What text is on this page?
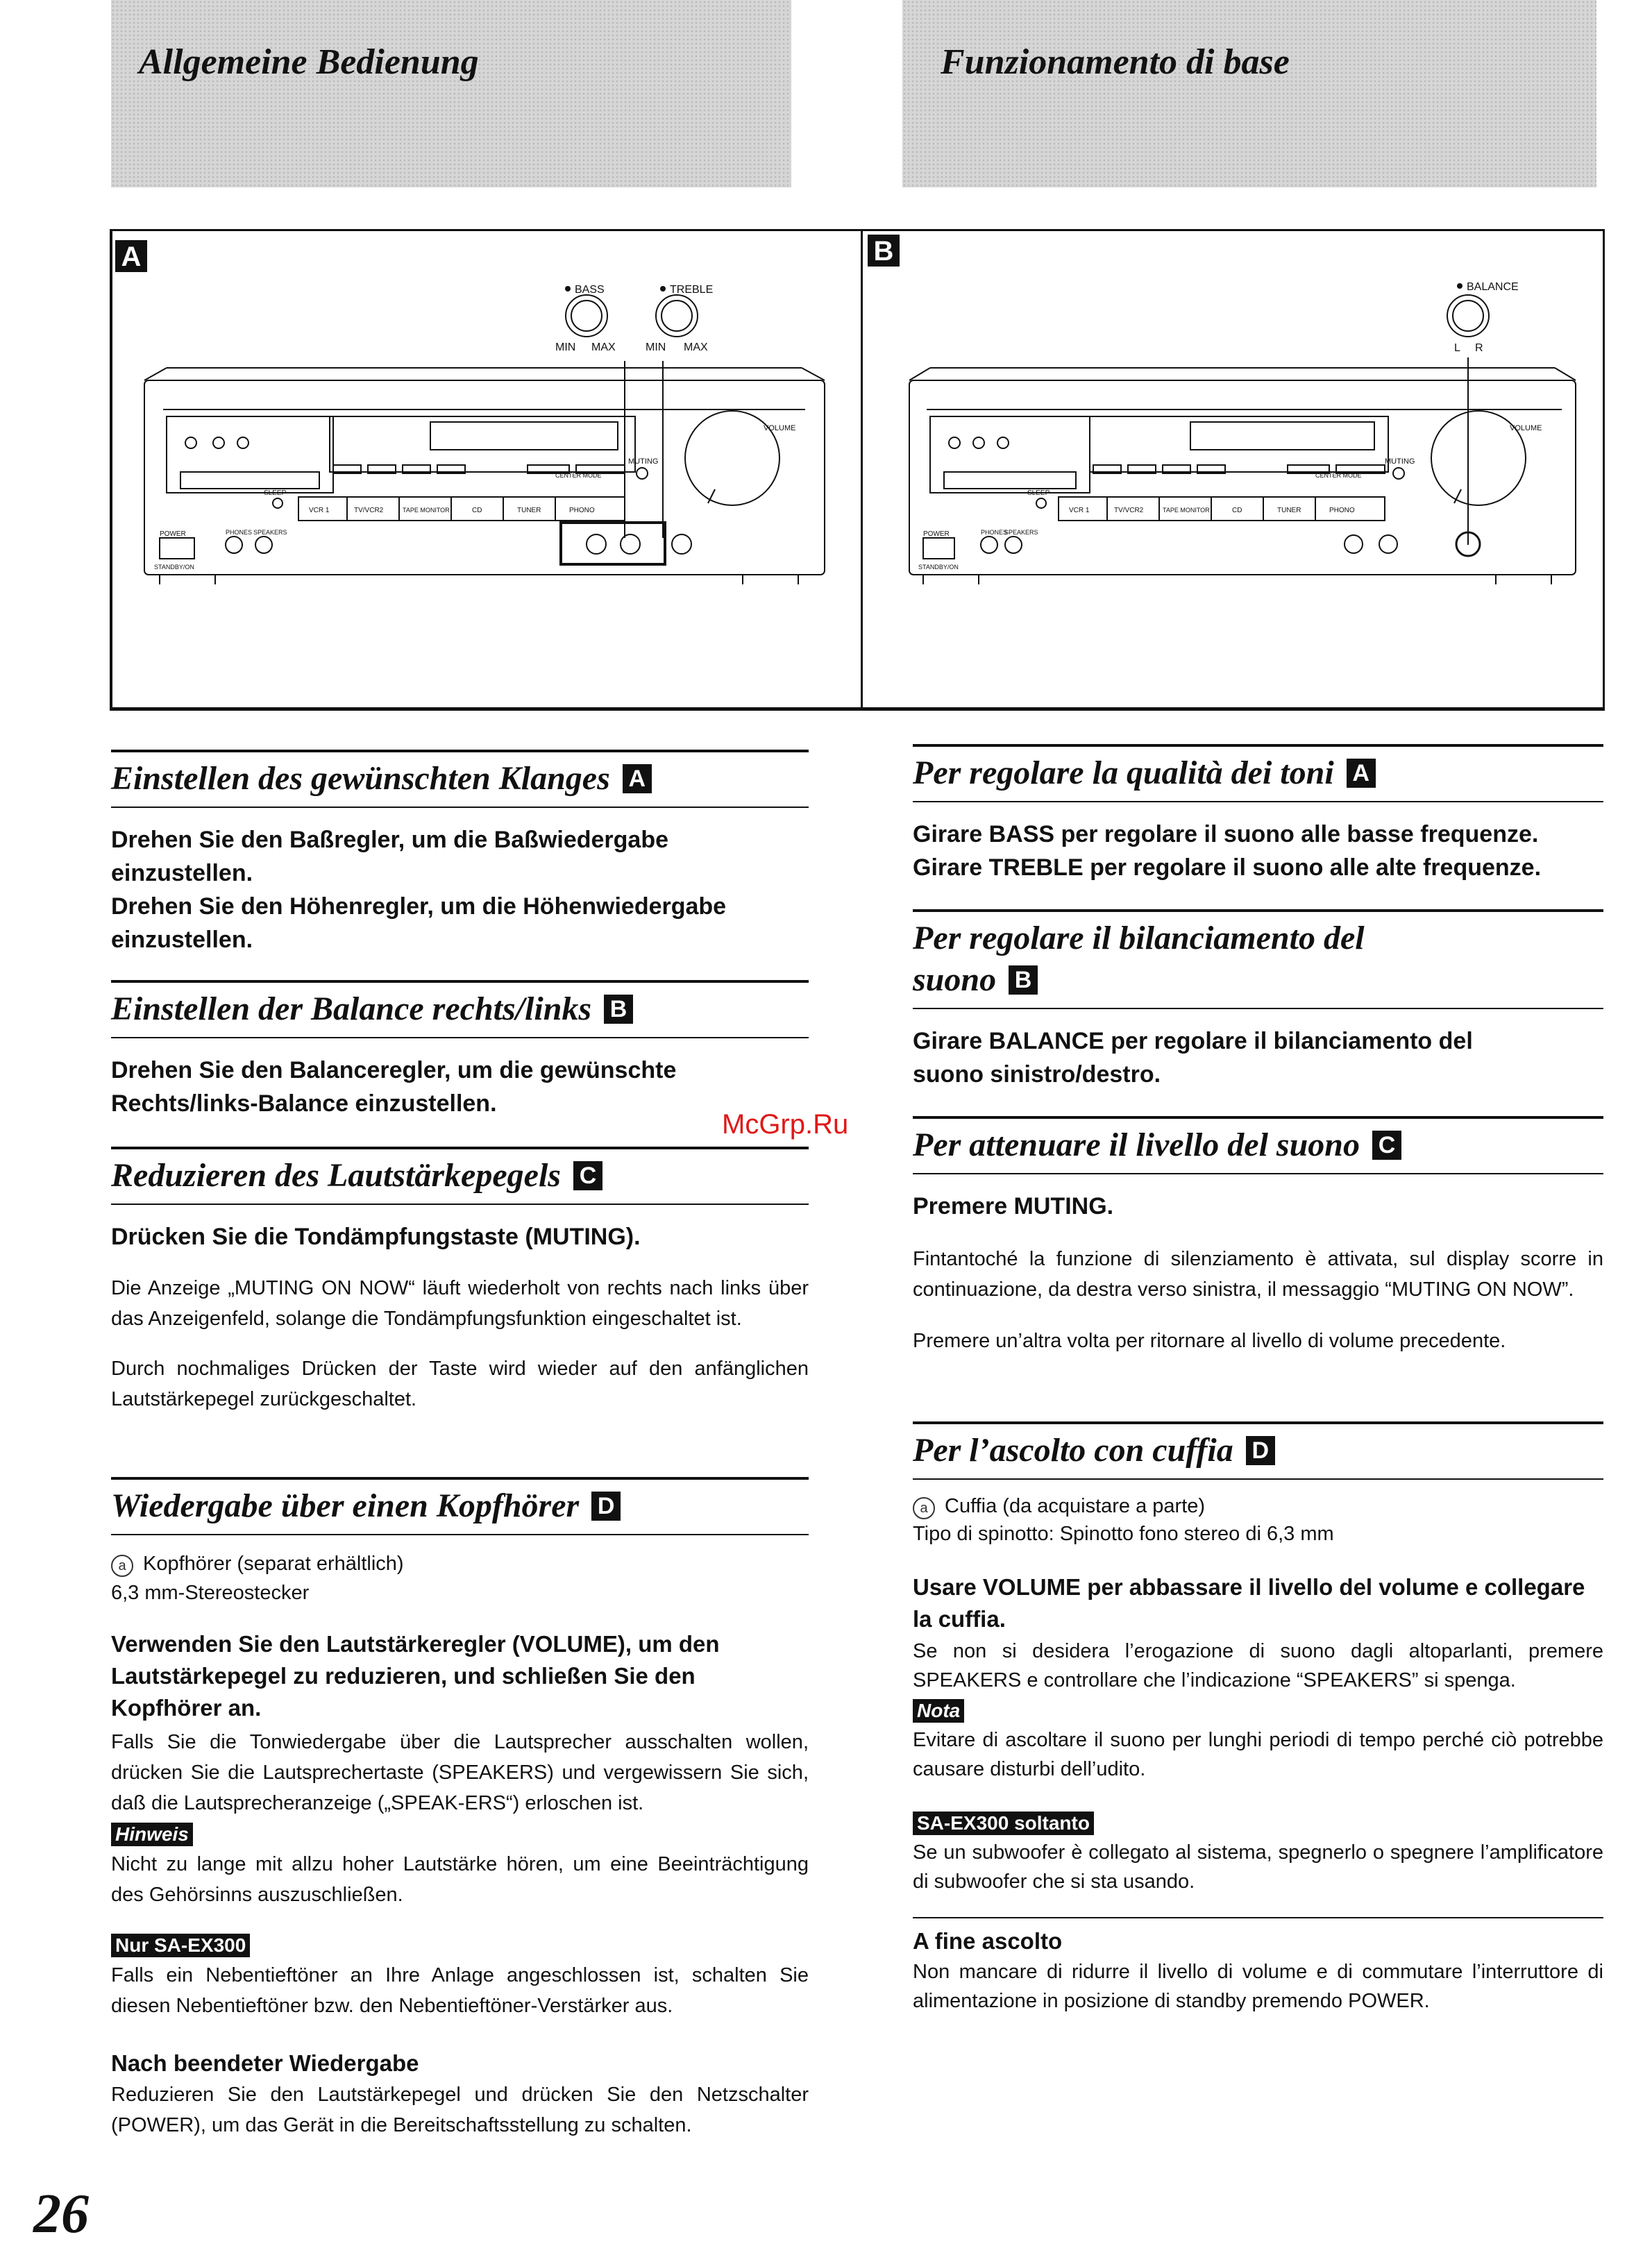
Allgemeine Bedienung	Funzionamento di base
A	B
BASS	TREBLE
MIN MAX	MIN MAX
VOLUME
MUTING
CENTER MODE
SLEEP
VCR 1	TV/VCR2	TAPE MONITOR	CD	TUNER	PHONO
POWER	PHONES SPEAKERS
STANDBY/ON
BALANCE
L R
VOLUME
MUTING
CENTER MODE
SLEEP
VCR 1	TV/VCR2	TAPE MONITOR	CD	TUNER	PHONO
POWER	PHONES
SPEAKERS
STANDBY/ON
Einstellen des gewünschten Klanges A
Drehen Sie den Baßregler, um die Baßwiedergabe
einzustellen.
Drehen Sie den Höhenregler, um die Höhenwiedergabe
einzustellen.
Einstellen der Balance rechts/links B
Drehen Sie den Balanceregler, um die gewünschte
Rechts/links-Balance einzustellen.
Reduzieren des Lautstärkepegels C
Drücken Sie die Tondämpfungstaste (MUTING).
Die Anzeige „MUTING ON NOW“ läuft wiederholt von rechts nach links über das Anzeigenfeld, solange die Tondämpfungsfunktion eingeschaltet ist.
Durch nochmaliges Drücken der Taste wird wieder auf den anfänglichen Lautstärkepegel zurückgeschaltet.
Wiedergabe über einen Kopfhörer D
a Kopfhörer (separat erhältlich)
6,3 mm-Stereostecker
Verwenden Sie den Lautstärkeregler (VOLUME), um den Lautstärkepegel zu reduzieren, und schließen Sie den Kopfhörer an.
Falls Sie die Tonwiedergabe über die Lautsprecher ausschalten wollen, drücken Sie die Lautsprechertaste (SPEAKERS) und vergewissern Sie sich, daß die Lautsprecheranzeige („SPEAK-ERS“) erloschen ist.
Hinweis
Nicht zu lange mit allzu hoher Lautstärke hören, um eine Beeinträchtigung des Gehörsinns auszuschließen.
Nur SA-EX300
Falls ein Nebentieftöner an Ihre Anlage angeschlossen ist, schalten Sie diesen Nebentieftöner bzw. den Nebentieftöner-Verstärker aus.
Nach beendeter Wiedergabe
Reduzieren Sie den Lautstärkepegel und drücken Sie den Netzschalter (POWER), um das Gerät in die Bereitschaftsstellung zu schalten.
Per regolare la qualità dei toni A
Girare BASS per regolare il suono alle basse frequenze.
Girare TREBLE per regolare il suono alle alte frequenze.
Per regolare il bilanciamento del
suono B
Girare BALANCE per regolare il bilanciamento del
suono sinistro/destro.
Per attenuare il livello del suono C
Premere MUTING.
Fintantoché la funzione di silenziamento è attivata, sul display scorre in continuazione, da destra verso sinistra, il messaggio “MUTING ON NOW”.
Premere un’altra volta per ritornare al livello di volume precedente.
Per l’ascolto con cuffia D
a Cuffia (da acquistare a parte)
Tipo di spinotto: Spinotto fono stereo di 6,3 mm
Usare VOLUME per abbassare il livello del volume e collegare la cuffia.
Se non si desidera l’erogazione di suono dagli altoparlanti, premere SPEAKERS e controllare che l’indicazione “SPEAKERS” si spenga.
Nota
Evitare di ascoltare il suono per lunghi periodi di tempo perché ciò potrebbe causare disturbi dell’udito.
SA-EX300 soltanto
Se un subwoofer è collegato al sistema, spegnerlo o spegnere l’amplificatore di subwoofer che si sta usando.
A fine ascolto
Non mancare di ridurre il livello di volume e di commutare l’interruttore di alimentazione in posizione di standby premendo POWER.
McGrp.Ru
26
